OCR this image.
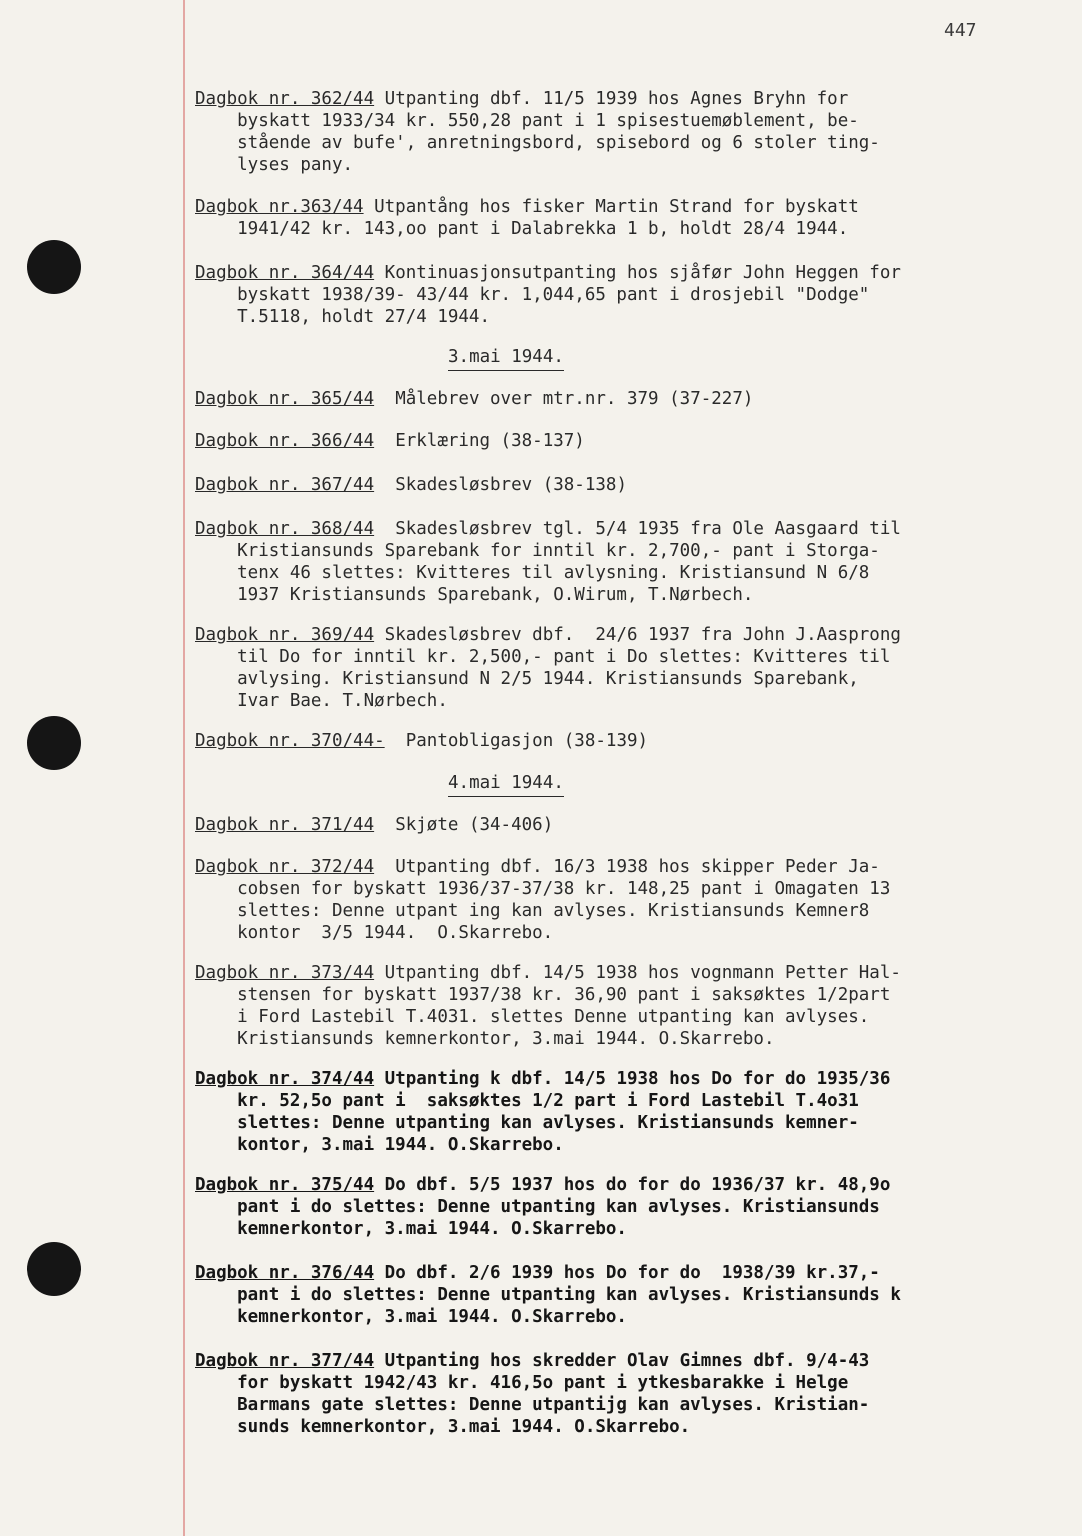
447
3.mai 1944.
4.mai 1944.
Dagbok nr. 362/44 Utpanting dbf. 11/5 1939 hos Agnes Bryhn for
byskatt 1933/34 kr. 550,28 pant i 1 spisestuemøblement, be-
stående av bufe', anretningsbord, spisebord og 6 stoler ting-
lyses pany.
Dagbok nr.363/44 Utpantång hos fisker Martin Strand for byskatt
1941/42 kr. 143,oo pant i Dalabrekka 1 b, holdt 28/4 1944.
Dagbok nr. 364/44 Kontinuasjonsutpanting hos sjåfør John Heggen for
byskatt 1938/39- 43/44 kr. 1,044,65 pant i drosjebil "Dodge"
T.5118, holdt 27/4 1944.
Dagbok nr. 365/44  Målebrev over mtr.nr. 379 (37-227)
Dagbok nr. 366/44  Erklæring (38-137)
Dagbok nr. 367/44  Skadesløsbrev (38-138)
Dagbok nr. 368/44  Skadesløsbrev tgl. 5/4 1935 fra Ole Aasgaard til
Kristiansunds Sparebank for inntil kr. 2,700,- pant i Storga-
tenx 46 slettes: Kvitteres til avlysning. Kristiansund N 6/8
1937 Kristiansunds Sparebank, O.Wirum, T.Nørbech.
Dagbok nr. 369/44 Skadesløsbrev dbf.  24/6 1937 fra John J.Aasprong
til Do for inntil kr. 2,500,- pant i Do slettes: Kvitteres til
avlysing. Kristiansund N 2/5 1944. Kristiansunds Sparebank,
Ivar Bae. T.Nørbech.
Dagbok nr. 370/44-  Pantobligasjon (38-139)
Dagbok nr. 371/44  Skjøte (34-406)
Dagbok nr. 372/44  Utpanting dbf. 16/3 1938 hos skipper Peder Ja-
cobsen for byskatt 1936/37-37/38 kr. 148,25 pant i Omagaten 13
slettes: Denne utpant ing kan avlyses. Kristiansunds Kemner8
kontor  3/5 1944.  O.Skarrebo.
Dagbok nr. 373/44 Utpanting dbf. 14/5 1938 hos vognmann Petter Hal-
stensen for byskatt 1937/38 kr. 36,90 pant i saksøktes 1/2part
i Ford Lastebil T.4031. slettes Denne utpanting kan avlyses.
Kristiansunds kemnerkontor, 3.mai 1944. O.Skarrebo.
Dagbok nr. 374/44 Utpanting k dbf. 14/5 1938 hos Do for do 1935/36
kr. 52,5o pant i  saksøktes 1/2 part i Ford Lastebil T.4o31
slettes: Denne utpanting kan avlyses. Kristiansunds kemner-
kontor, 3.mai 1944. O.Skarrebo.
Dagbok nr. 375/44 Do dbf. 5/5 1937 hos do for do 1936/37 kr. 48,9o
pant i do slettes: Denne utpanting kan avlyses. Kristiansunds
kemnerkontor, 3.mai 1944. O.Skarrebo.
Dagbok nr. 376/44 Do dbf. 2/6 1939 hos Do for do  1938/39 kr.37,-
pant i do slettes: Denne utpanting kan avlyses. Kristiansunds k
kemnerkontor, 3.mai 1944. O.Skarrebo.
Dagbok nr. 377/44 Utpanting hos skredder Olav Gimnes dbf. 9/4-43
for byskatt 1942/43 kr. 416,5o pant i ytkesbarakke i Helge
Barmans gate slettes: Denne utpantijg kan avlyses. Kristian-
sunds kemnerkontor, 3.mai 1944. O.Skarrebo.
